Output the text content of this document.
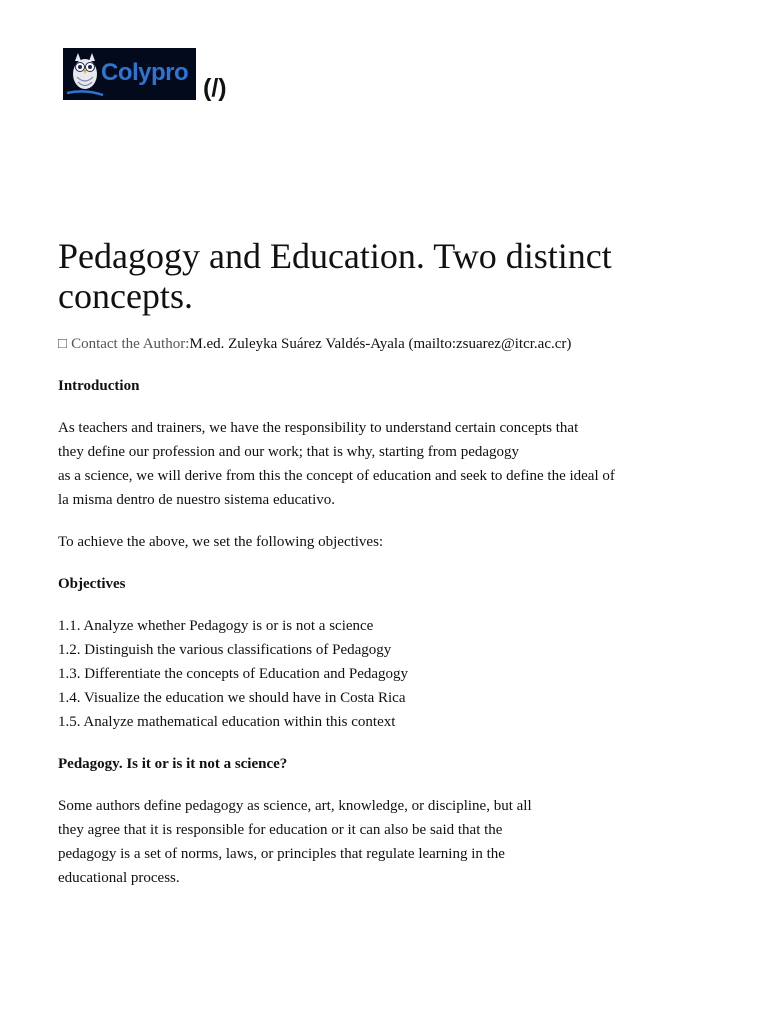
Colypro
(/)
Pedagogy and Education. Two distinct concepts.
□ Contact the Author:M.ed. Zuleyka Suárez Valdés-Ayala (mailto:zsuarez@itcr.ac.cr)
Introduction

As teachers and trainers, we have the responsibility to understand certain concepts that
they define our profession and our work; that is why, starting from pedagogy
as a science, we will derive from this the concept of education and seek to define the ideal of
la misma dentro de nuestro sistema educativo.

To achieve the above, we set the following objectives:

Objectives
1.1. Analyze whether Pedagogy is or is not a science
1.2. Distinguish the various classifications of Pedagogy
1.3. Differentiate the concepts of Education and Pedagogy
1.4. Visualize the education we should have in Costa Rica
1.5. Analyze mathematical education within this context
Pedagogy. Is it or is it not a science?

Some authors define pedagogy as science, art, knowledge, or discipline, but all
they agree that it is responsible for education or it can also be said that the
pedagogy is a set of norms, laws, or principles that regulate learning in the
educational process.
